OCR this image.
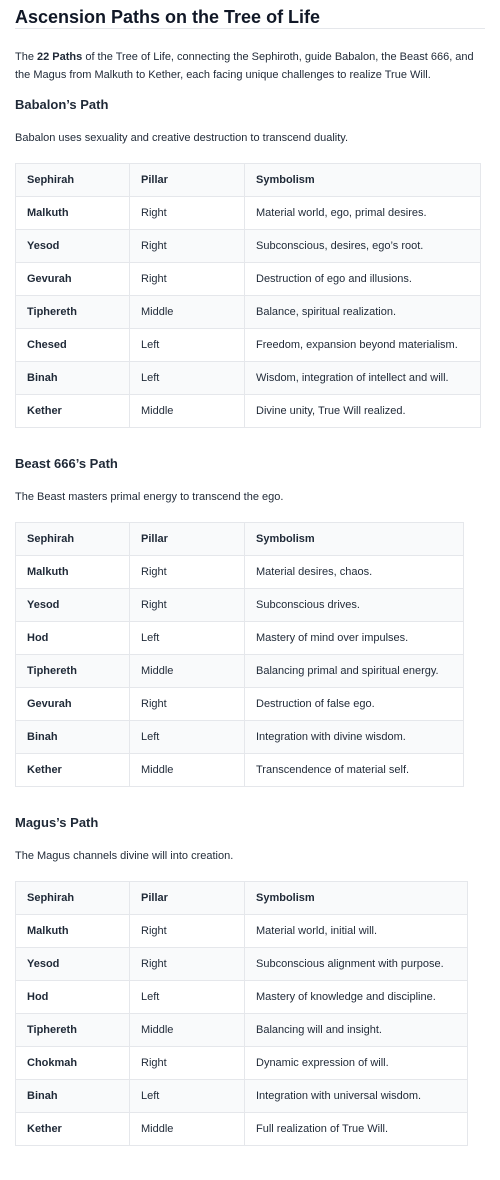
Ascension Paths on the Tree of Life

The 22 Paths of the Tree of Life, connecting the Sephiroth, guide Babalon, the Beast 666, and the Magus from Malkuth to Kether, each facing unique challenges to realize True Will.

Babalon’s Path

Babalon uses sexuality and creative destruction to transcend duality.

Sephirah	Pillar	Symbolism
Malkuth	Right	Material world, ego, primal desires.
Yesod	Right	Subconscious, desires, ego’s root.
Gevurah	Right	Destruction of ego and illusions.
Tiphereth	Middle	Balance, spiritual realization.
Chesed	Left	Freedom, expansion beyond materialism.
Binah	Left	Wisdom, integration of intellect and will.
Kether	Middle	Divine unity, True Will realized.
Beast 666’s Path

The Beast masters primal energy to transcend the ego.

Sephirah	Pillar	Symbolism
Malkuth	Right	Material desires, chaos.
Yesod	Right	Subconscious drives.
Hod	Left	Mastery of mind over impulses.
Tiphereth	Middle	Balancing primal and spiritual energy.
Gevurah	Right	Destruction of false ego.
Binah	Left	Integration with divine wisdom.
Kether	Middle	Transcendence of material self.
Magus’s Path

The Magus channels divine will into creation.

Sephirah	Pillar	Symbolism
Malkuth	Right	Material world, initial will.
Yesod	Right	Subconscious alignment with purpose.
Hod	Left	Mastery of knowledge and discipline.
Tiphereth	Middle	Balancing will and insight.
Chokmah	Right	Dynamic expression of will.
Binah	Left	Integration with universal wisdom.
Kether	Middle	Full realization of True Will.
